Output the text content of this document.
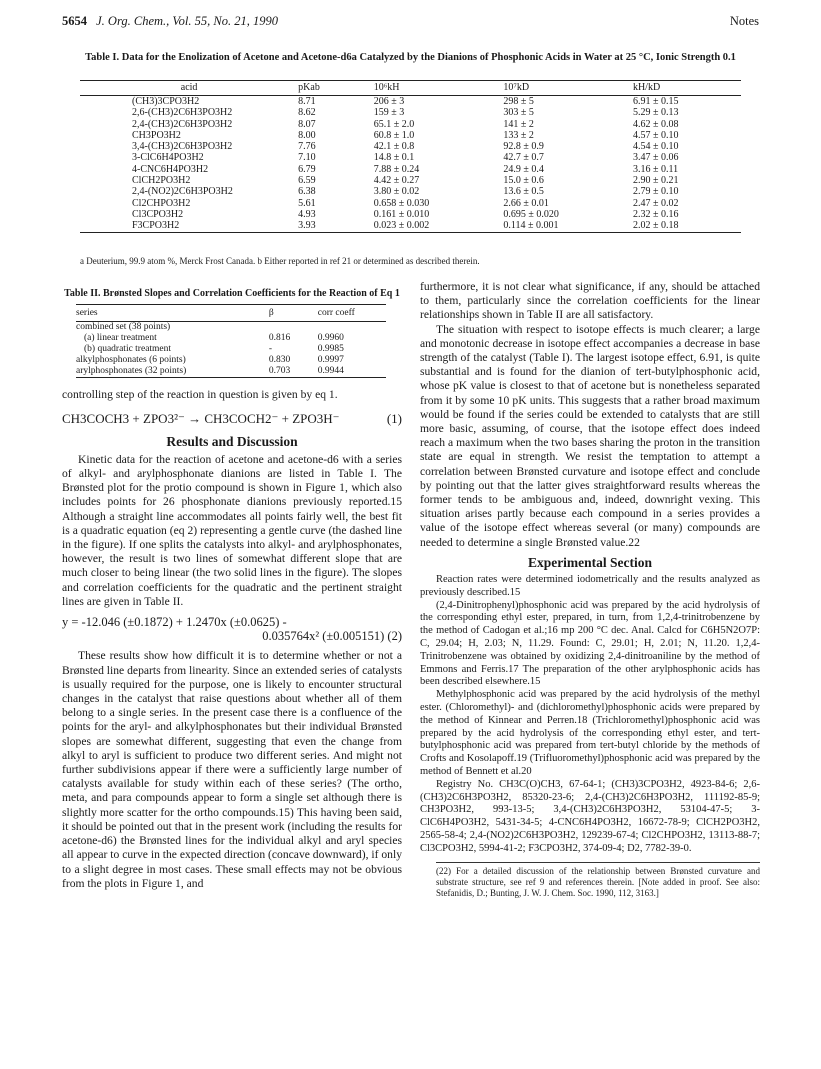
5654 J. Org. Chem., Vol. 55, No. 21, 1990	Notes
Table I. Data for the Enolization of Acetone and Acetone-d6a Catalyzed by the Dianions of Phosphonic Acids in Water at 25 °C, Ionic Strength 0.1
acid	pKab	10⁶kH	10⁷kD	kH/kD
(CH3)3CPO3H2	8.71	206 ± 3	298 ± 5	6.91 ± 0.15
2,6-(CH3)2C6H3PO3H2	8.62	159 ± 3	303 ± 5	5.29 ± 0.13
2,4-(CH3)2C6H3PO3H2	8.07	65.1 ± 2.0	141 ± 2	4.62 ± 0.08
CH3PO3H2	8.00	60.8 ± 1.0	133 ± 2	4.57 ± 0.10
3,4-(CH3)2C6H3PO3H2	7.76	42.1 ± 0.8	92.8 ± 0.9	4.54 ± 0.10
3-ClC6H4PO3H2	7.10	14.8 ± 0.1	42.7 ± 0.7	3.47 ± 0.06
4-CNC6H4PO3H2	6.79	7.88 ± 0.24	24.9 ± 0.4	3.16 ± 0.11
ClCH2PO3H2	6.59	4.42 ± 0.27	15.0 ± 0.6	2.90 ± 0.21
2,4-(NO2)2C6H3PO3H2	6.38	3.80 ± 0.02	13.6 ± 0.5	2.79 ± 0.10
Cl2CHPO3H2	5.61	0.658 ± 0.030	2.66 ± 0.01	2.47 ± 0.02
Cl3CPO3H2	4.93	0.161 ± 0.010	0.695 ± 0.020	2.32 ± 0.16
F3CPO3H2	3.93	0.023 ± 0.002	0.114 ± 0.001	2.02 ± 0.18
a Deuterium, 99.9 atom %, Merck Frost Canada. b Either reported in ref 21 or determined as described therein.
Table II. Brønsted Slopes and Correlation Coefficients for the Reaction of Eq 1
series	β	corr coeff
combined set (38 points)		
(a) linear treatment	0.816	0.9960
(b) quadratic treatment	-	0.9985
alkylphosphonates (6 points)	0.830	0.9997
arylphosphonates (32 points)	0.703	0.9944

controlling step of the reaction in question is given by eq 1.

CH3COCH3 + ZPO3²⁻ → CH3COCH2⁻ + ZPO3H⁻	(1)
Results and Discussion

Kinetic data for the reaction of acetone and acetone-d6 with a series of alkyl- and arylphosphonate dianions are listed in Table I. The Brønsted plot for the protio compound is shown in Figure 1, which also includes points for 26 phosphonate dianions previously reported.15 Although a straight line accommodates all points fairly well, the best fit is a quadratic equation (eq 2) representing a gentle curve (the dashed line in the figure). If one splits the catalysts into alkyl- and arylphosphonates, however, the result is two lines of somewhat different slope that are much closer to being linear (the two solid lines in the figure). The slopes and correlation coefficients for the quadratic and the pertinent straight lines are given in Table II.

y = -12.046 (±0.1872) + 1.2470x (±0.0625) -
0.035764x² (±0.005151) (2)

These results show how difficult it is to determine whether or not a Brønsted line departs from linearity. Since an extended series of catalysts is usually required for the purpose, one is likely to encounter structural changes in the catalyst that raise questions about whether all of them belong to a single series. In the present case there is a confluence of the points for the aryl- and alkylphosphonates but their individual Brønsted slopes are somewhat different, suggesting that even the change from alkyl to aryl is sufficient to produce two different series. And might not further subdivisions appear if there were a sufficiently large number of catalysts available for study within each of these series? (The ortho, meta, and para compounds appear to form a single set although there is slightly more scatter for the ortho compounds.15) This having been said, it should be pointed out that in the present work (including the results for acetone-d6) the Brønsted lines for the individual alkyl and aryl species all appear to curve in the expected direction (concave downward), if only to a slight degree in most cases. These small effects may not be obvious from the plots in Figure 1, and

furthermore, it is not clear what significance, if any, should be attached to them, particularly since the correlation coefficients for the linear relationships shown in Table II are all satisfactory.

The situation with respect to isotope effects is much clearer; a large and monotonic decrease in isotope effect accompanies a decrease in base strength of the catalyst (Table I). The largest isotope effect, 6.91, is quite substantial and is found for the dianion of tert-butylphosphonic acid, whose pK value is closest to that of acetone but is nonetheless separated from it by some 10 pK units. This suggests that a rather broad maximum would be found if the series could be extended to catalysts that are still more basic, assuming, of course, that the isotope effect does indeed reach a maximum when the two bases sharing the proton in the transition state are equal in strength. We resist the temptation to attempt a correlation between Brønsted curvature and isotope effect and conclude by pointing out that the latter gives straightforward results whereas the former tends to be ambiguous and, indeed, downright vexing. This situation arises partly because each compound in a series provides a value of the isotope effect whereas several (or many) compounds are needed to determine a single Brønsted value.22

Experimental Section

Reaction rates were determined iodometrically and the results analyzed as previously described.15

(2,4-Dinitrophenyl)phosphonic acid was prepared by the acid hydrolysis of the corresponding ethyl ester, prepared, in turn, from 1,2,4-trinitrobenzene by the method of Cadogan et al.;16 mp 200 °C dec. Anal. Calcd for C6H5N2O7P: C, 29.04; H, 2.03; N, 11.29. Found: C, 29.01; H, 2.01; N, 11.20. 1,2,4-Trinitrobenzene was obtained by oxidizing 2,4-dinitroaniline by the method of Emmons and Ferris.17 The preparation of the other arylphosphonic acids has been described elsewhere.15

Methylphosphonic acid was prepared by the acid hydrolysis of the methyl ester. (Chloromethyl)- and (dichloromethyl)phosphonic acids were prepared by the method of Kinnear and Perren.18 (Trichloromethyl)phosphonic acid was prepared by the acid hydrolysis of the corresponding ethyl ester, and tert-butylphosphonic acid was prepared from tert-butyl chloride by the methods of Crofts and Kosolapoff.19 (Trifluoromethyl)phosphonic acid was prepared by the method of Bennett et al.20

Registry No. CH3C(O)CH3, 67-64-1; (CH3)3CPO3H2, 4923-84-6; 2,6-(CH3)2C6H3PO3H2, 85320-23-6; 2,4-(CH3)2C6H3PO3H2, 111192-85-9; CH3PO3H2, 993-13-5; 3,4-(CH3)2C6H3PO3H2, 53104-47-5; 3-ClC6H4PO3H2, 5431-34-5; 4-CNC6H4PO3H2, 16672-78-9; ClCH2PO3H2, 2565-58-4; 2,4-(NO2)2C6H3PO3H2, 129239-67-4; Cl2CHPO3H2, 13113-88-7; Cl3CPO3H2, 5994-41-2; F3CPO3H2, 374-09-4; D2, 7782-39-0.

(22) For a detailed discussion of the relationship between Brønsted curvature and substrate structure, see ref 9 and references therein. [Note added in proof. See also: Stefanidis, D.; Bunting, J. W. J. Chem. Soc. 1990, 112, 3163.]
